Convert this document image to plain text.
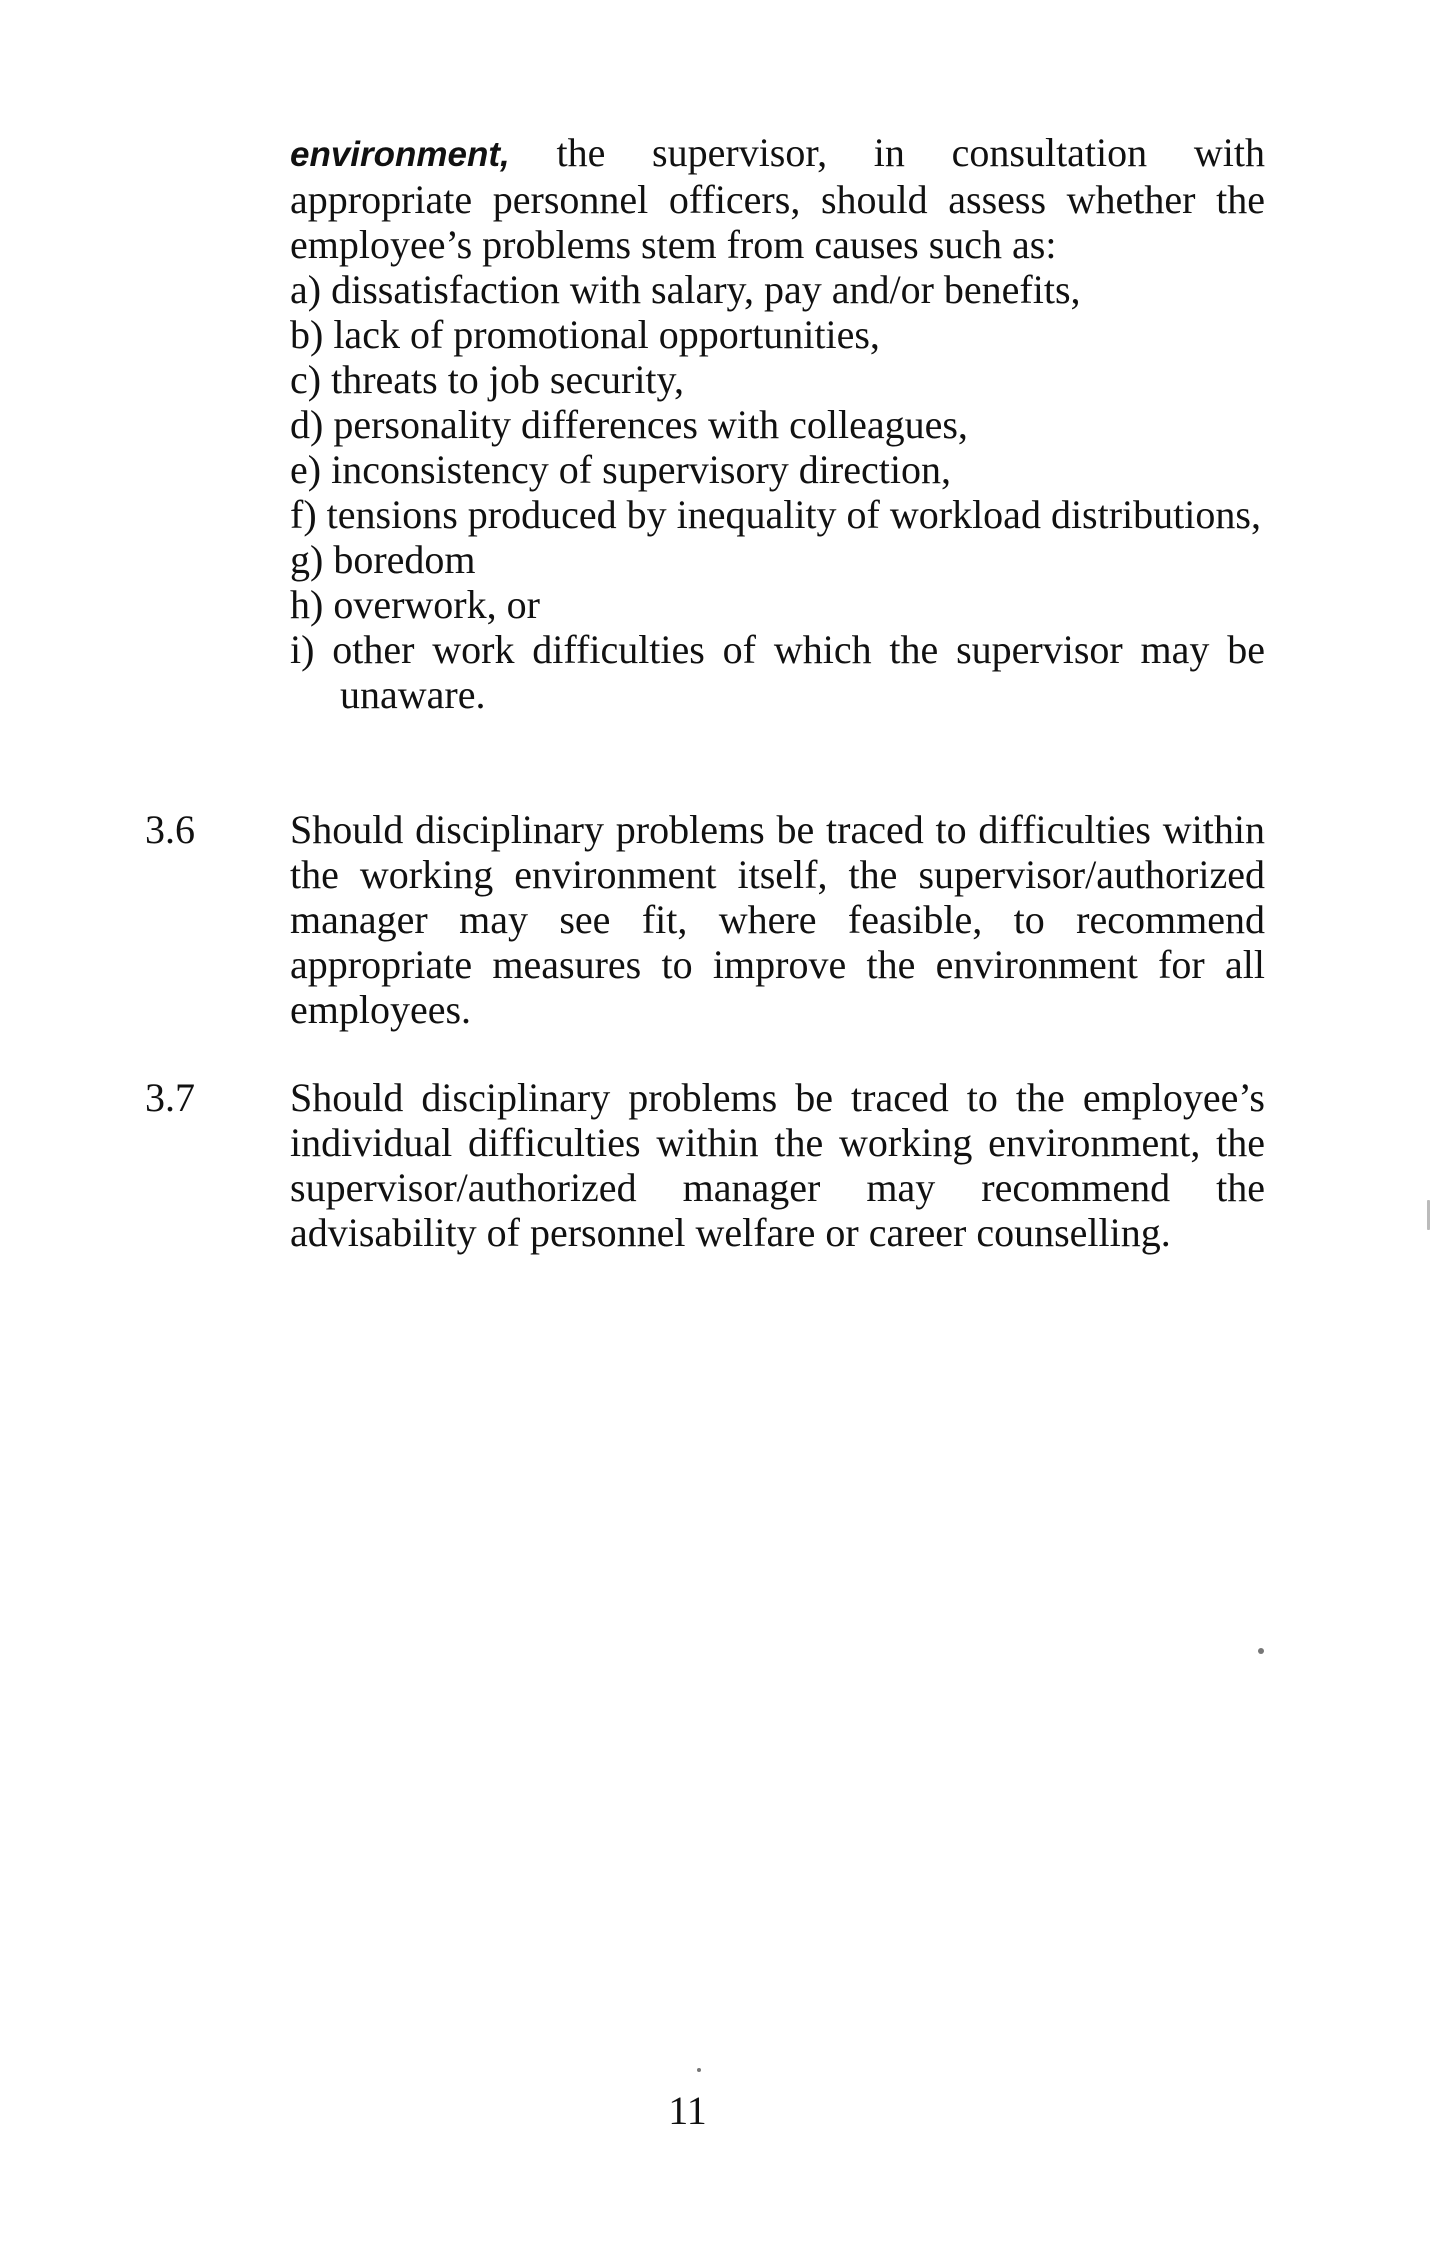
environment, the supervisor, in consultation with appropriate personnel officers, should assess whether the employee’s problems stem from causes such as:
a) dissatisfaction with salary, pay and/or benefits,
b) lack of promotional opportunities,
c) threats to job security,
d) personality differences with colleagues,
e) inconsistency of supervisory direction,
f) tensions produced by inequality of workload distributions,
g) boredom
h) overwork, or
i) other work difficulties of which the supervisor may be unaware.
3.6 Should disciplinary problems be traced to difficulties within the working environment itself, the supervisor/authorized manager may see fit, where feasible, to recommend appropriate measures to improve the environment for all employees.
3.7 Should disciplinary problems be traced to the employee’s individual difficulties within the working environment, the supervisor/authorized manager may recommend the advisability of personnel welfare or career counselling.
11
